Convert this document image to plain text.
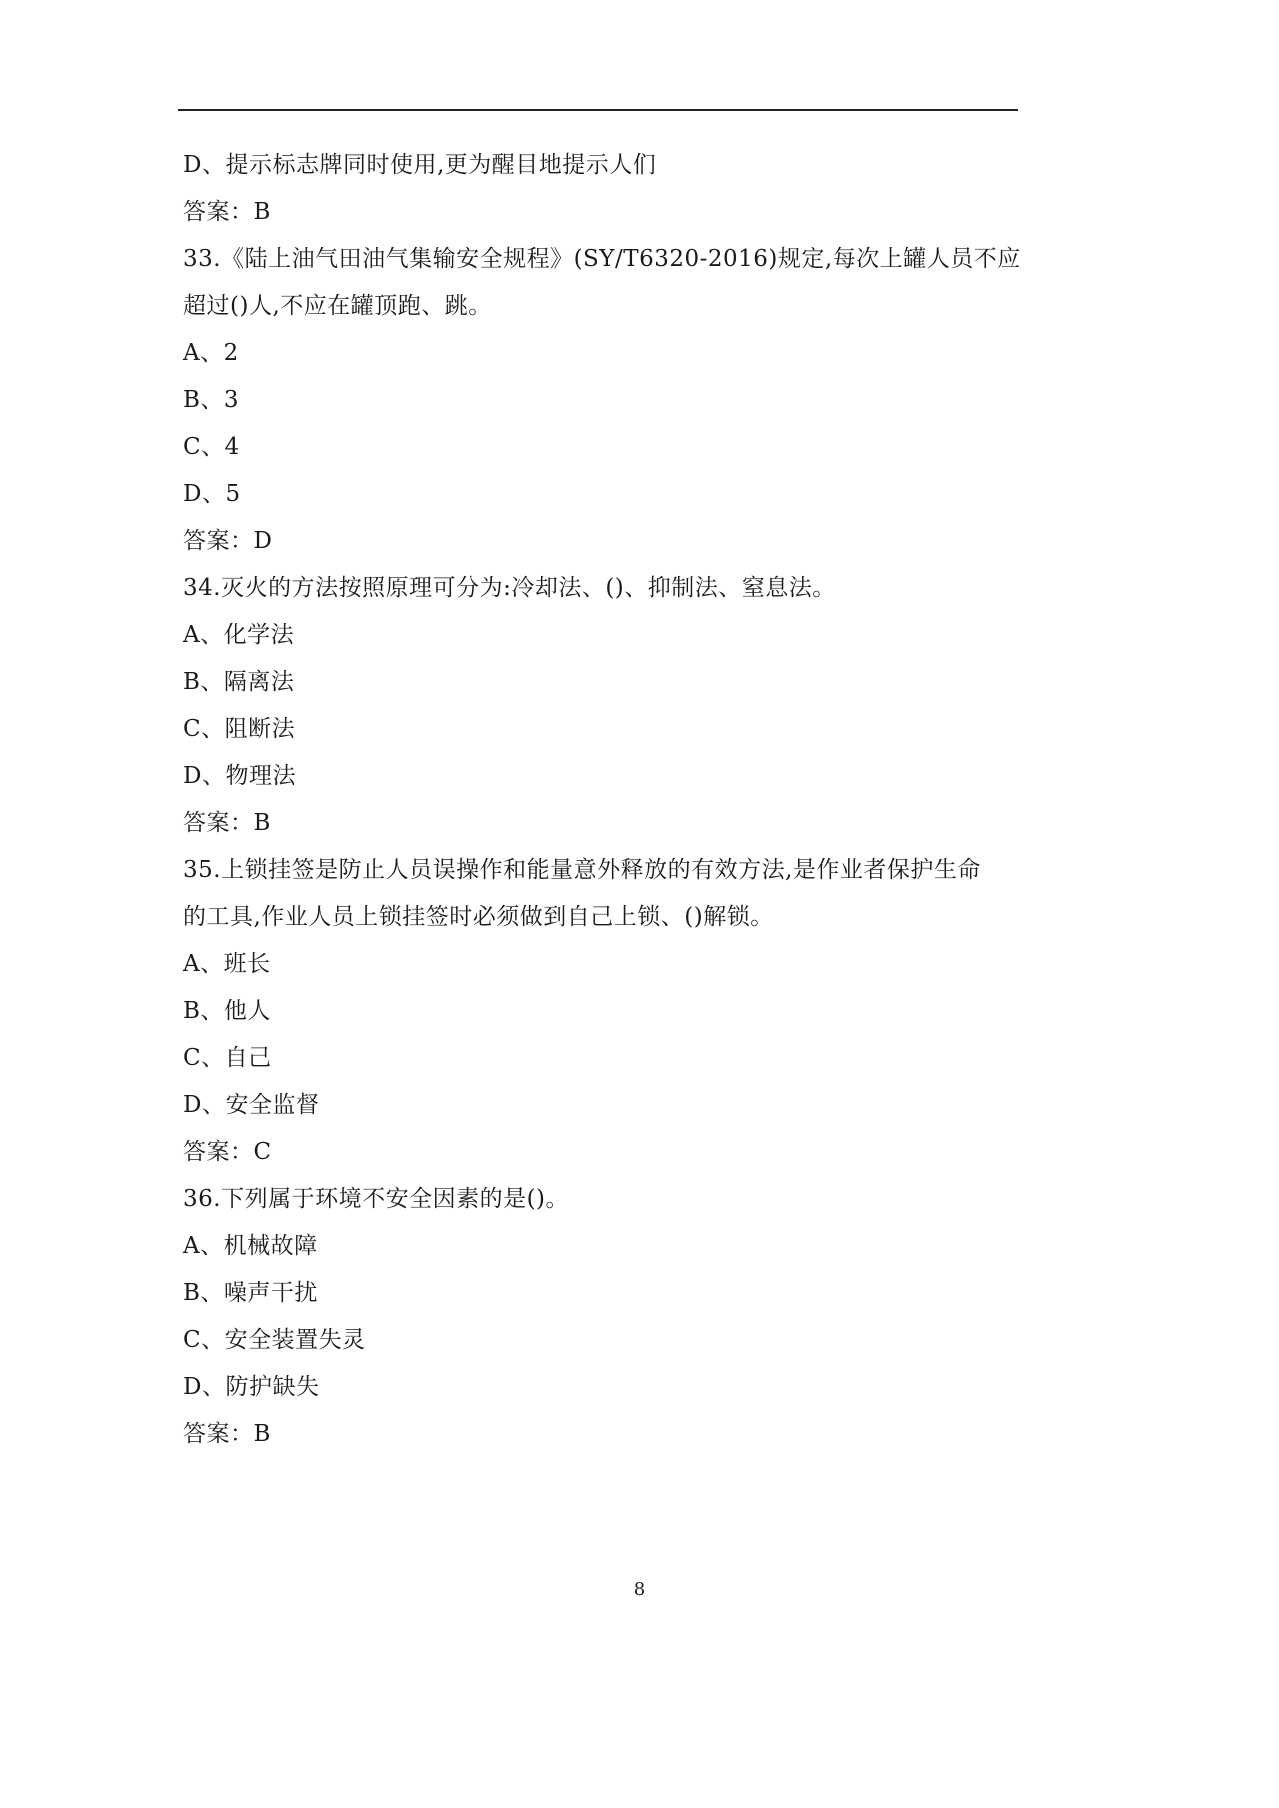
D、提示标志牌同时使用,更为醒目地提示人们
答案：B
33.《陆上油气田油气集输安全规程》(SY/T6320-2016)规定,每次上罐人员不应
超过()人,不应在罐顶跑、跳。
A、2
B、3
C、4
D、5
答案：D
34.灭火的方法按照原理可分为:冷却法、()、抑制法、窒息法。
A、化学法
B、隔离法
C、阻断法
D、物理法
答案：B
35.上锁挂签是防止人员误操作和能量意外释放的有效方法,是作业者保护生命
的工具,作业人员上锁挂签时必须做到自己上锁、()解锁。
A、班长
B、他人
C、自己
D、安全监督
答案：C
36.下列属于环境不安全因素的是()。
A、机械故障
B、噪声干扰
C、安全装置失灵
D、防护缺失
答案：B
8
